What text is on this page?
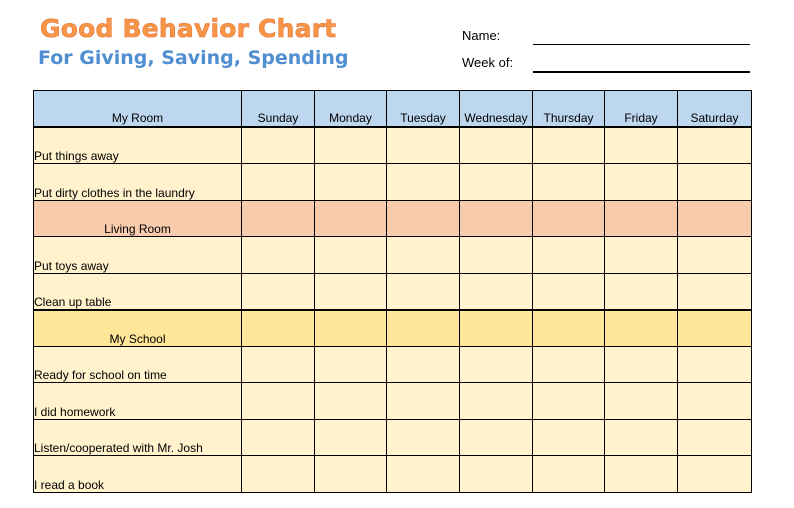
Good Behavior Chart
For Giving, Saving, Spending
Name:
Week of:
My Room	Sunday	Monday	Tuesday	Wednesday	Thursday	Friday	Saturday
Put things away							
Put dirty clothes in the laundry							
Living Room							
Put toys away							
Clean up table							
My School							
Ready for school on time							
I did homework							
Listen/cooperated with Mr. Josh							
I read a book							
